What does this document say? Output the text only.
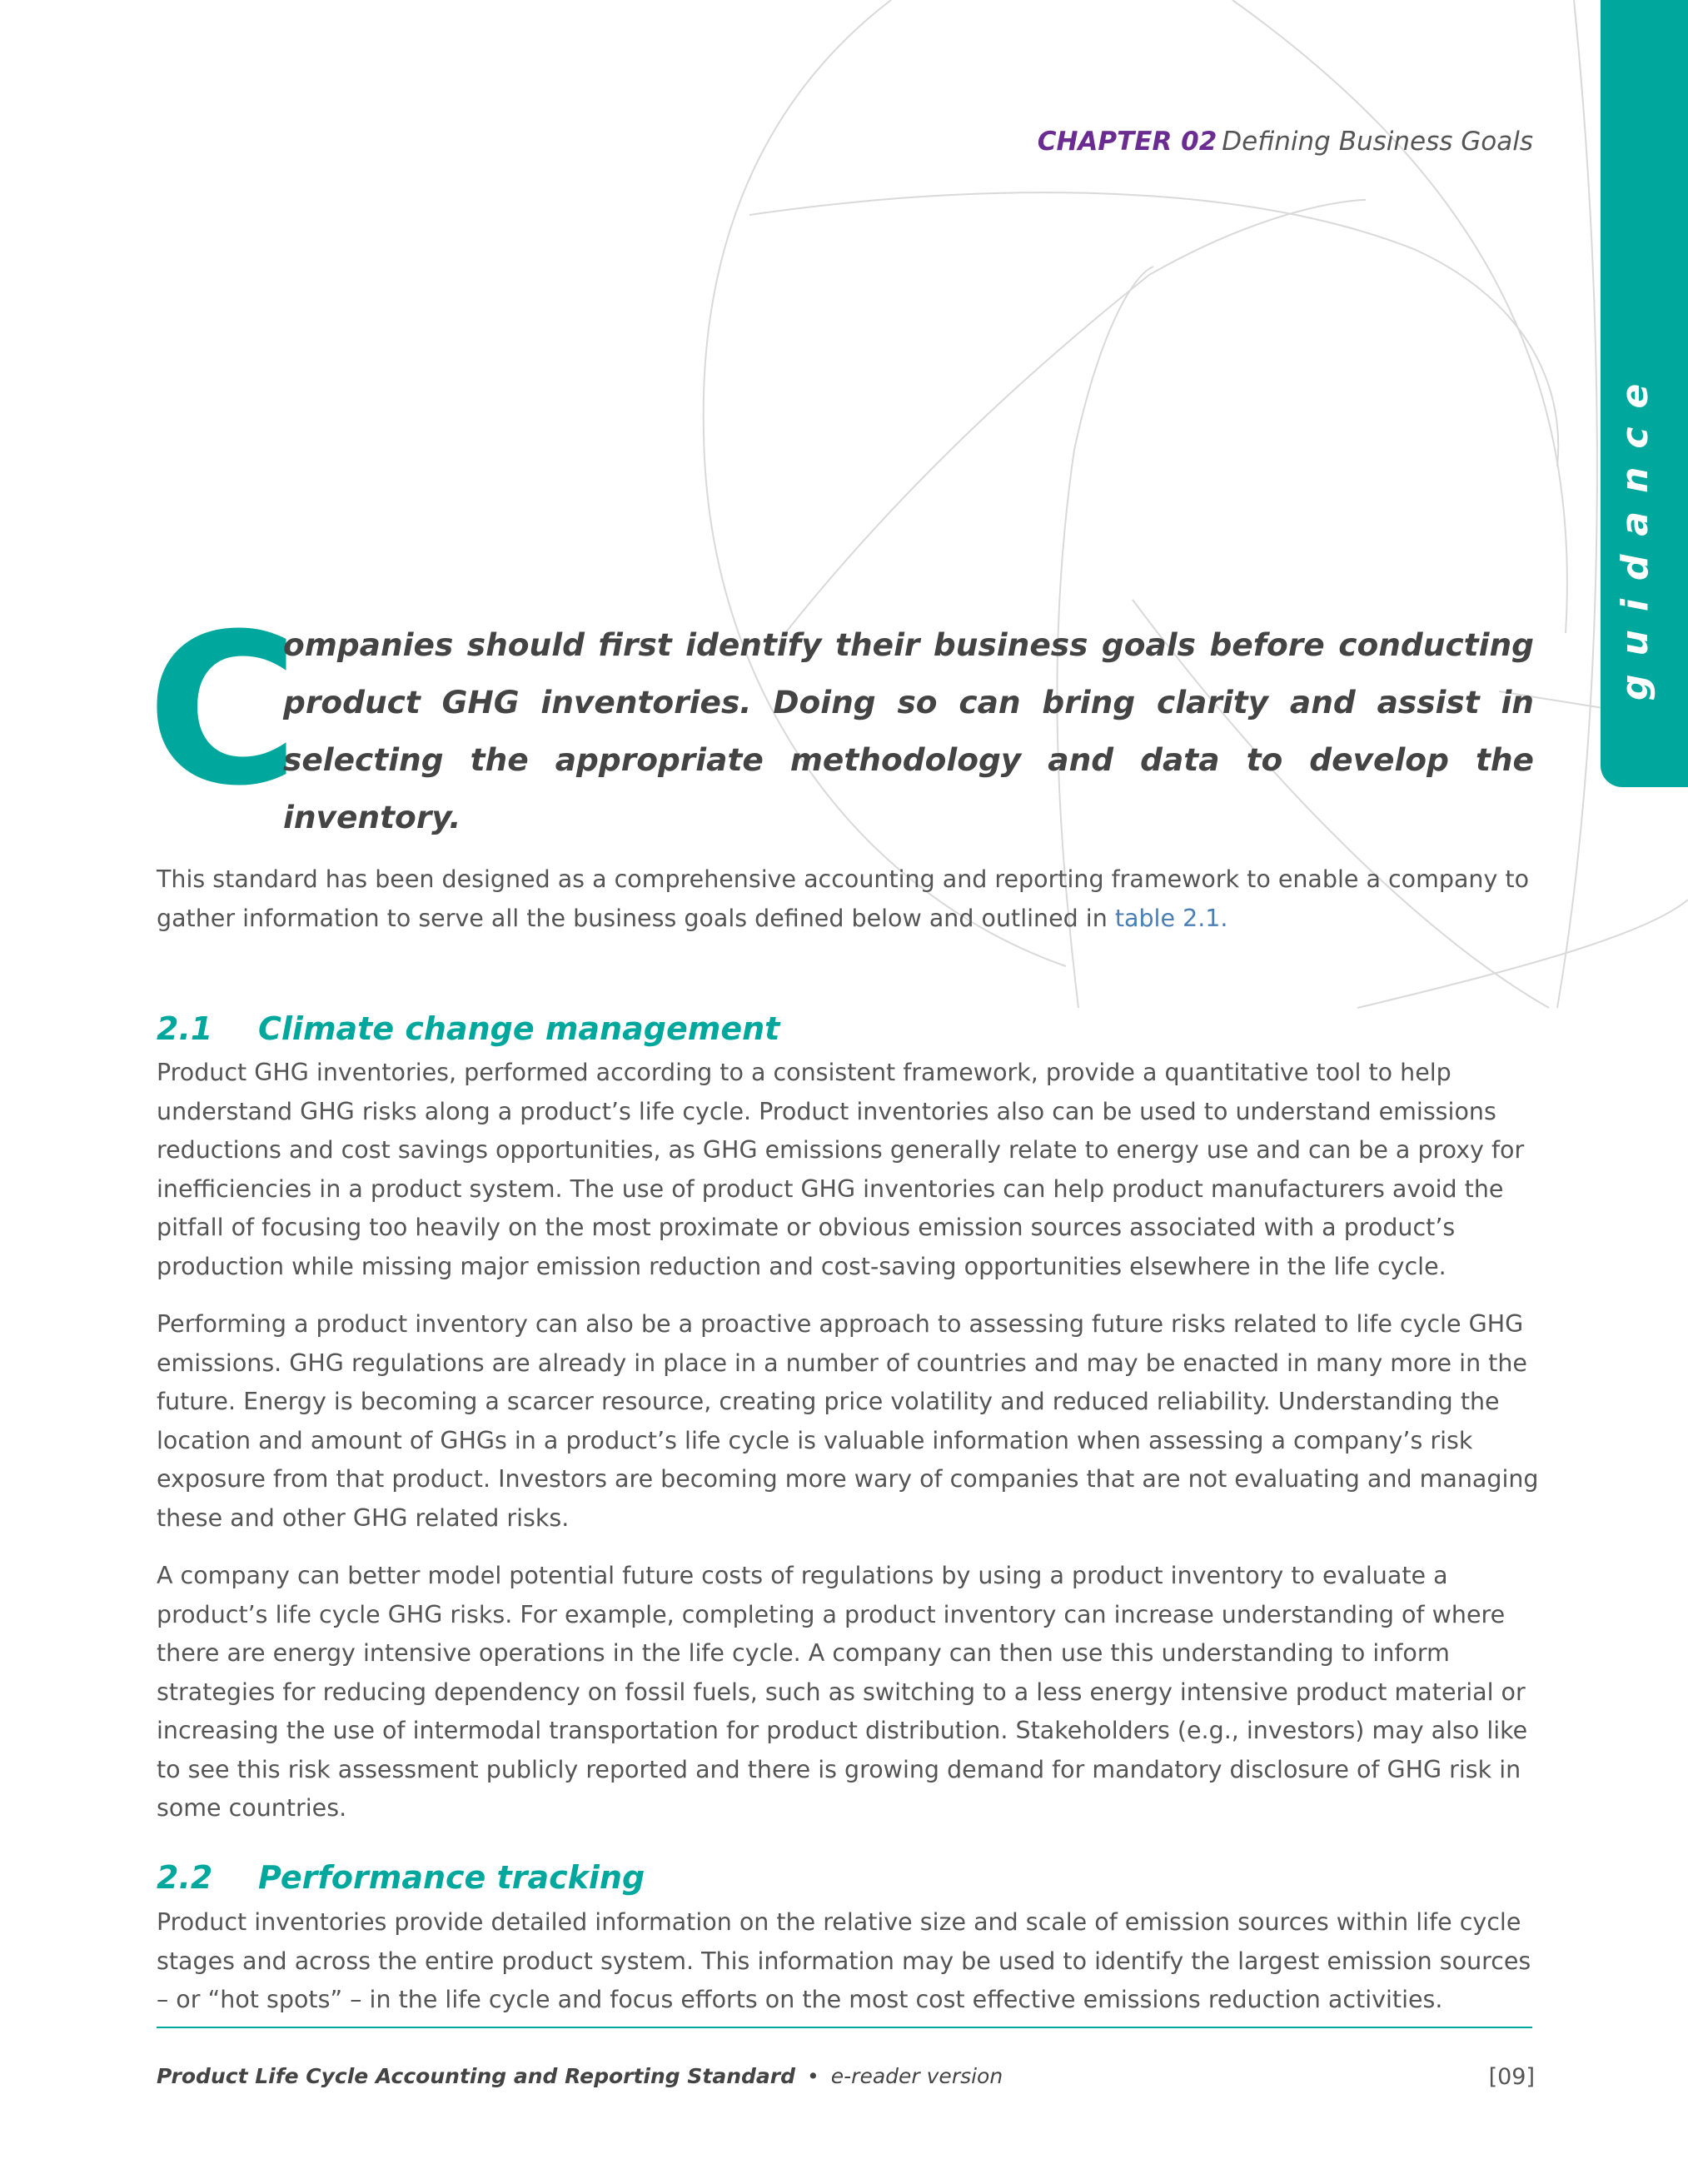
guidance
CHAPTER 02 Defining Business Goals
C

ompanies should first identify their business goals before conducting product GHG inventories. Doing so can bring clarity and assist in selecting the appropriate methodology and data to develop the inventory.

This standard has been designed as a comprehensive accounting and reporting framework to enable a company to gather information to serve all the business goals defined below and outlined in table 2.1.

2.1 Climate change management

Product GHG inventories, performed according to a consistent framework, provide a quantitative tool to help understand GHG risks along a product’s life cycle. Product inventories also can be used to understand emissions reductions and cost savings opportunities, as GHG emissions generally relate to energy use and can be a proxy for inefficiencies in a product system. The use of product GHG inventories can help product manufacturers avoid the pitfall of focusing too heavily on the most proximate or obvious emission sources associated with a product’s production while missing major emission reduction and cost-saving opportunities elsewhere in the life cycle.

Performing a product inventory can also be a proactive approach to assessing future risks related to life cycle GHG emissions. GHG regulations are already in place in a number of countries and may be enacted in many more in the future. Energy is becoming a scarcer resource, creating price volatility and reduced reliability. Understanding the location and amount of GHGs in a product’s life cycle is valuable information when assessing a company’s risk exposure from that product. Investors are becoming more wary of companies that are not evaluating and managing these and other GHG related risks.

A company can better model potential future costs of regulations by using a product inventory to evaluate a product’s life cycle GHG risks. For example, completing a product inventory can increase understanding of where there are energy intensive operations in the life cycle. A company can then use this understanding to inform strategies for reducing dependency on fossil fuels, such as switching to a less energy intensive product material or increasing the use of intermodal transportation for product distribution. Stakeholders (e.g., investors) may also like to see this risk assessment publicly reported and there is growing demand for mandatory disclosure of GHG risk in some countries.

2.2 Performance tracking

Product inventories provide detailed information on the relative size and scale of emission sources within life cycle stages and across the entire product system. This information may be used to identify the largest emission sources – or “hot spots” – in the life cycle and focus efforts on the most cost effective emissions reduction activities.

Product Life Cycle Accounting and Reporting Standard • e-reader version	[09]
